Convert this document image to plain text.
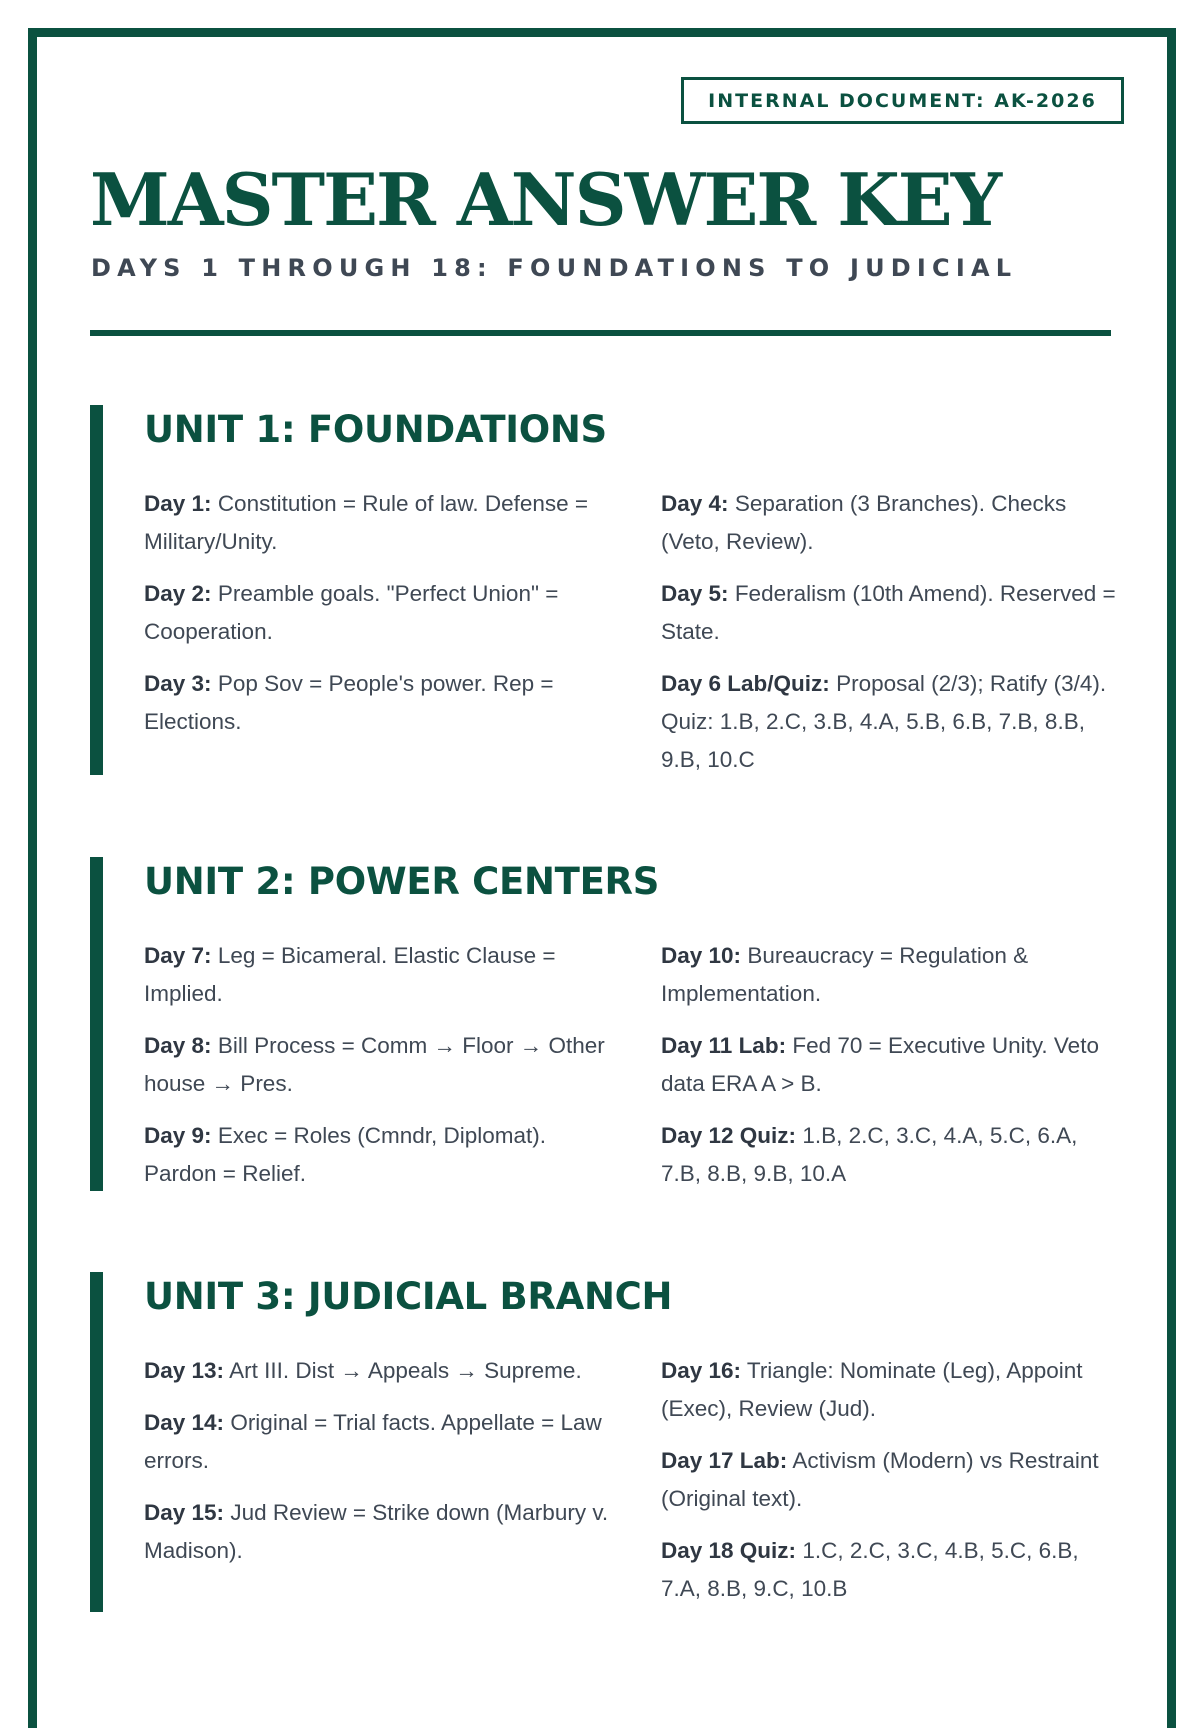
INTERNAL DOCUMENT: AK-2026
MASTER ANSWER KEY
DAYS 1 THROUGH 18: FOUNDATIONS TO JUDICIAL
UNIT 1: FOUNDATIONS

Day 1: Constitution = Rule of law. Defense = Military/Unity.

Day 2: Preamble goals. "Perfect Union" = Cooperation.

Day 3: Pop Sov = People's power. Rep = Elections.

Day 4: Separation (3 Branches). Checks (Veto, Review).

Day 5: Federalism (10th Amend). Reserved = State.

Day 6 Lab/Quiz: Proposal (2/3); Ratify (3/4). Quiz: 1.B, 2.C, 3.B, 4.A, 5.B, 6.B, 7.B, 8.B, 9.B, 10.C

UNIT 2: POWER CENTERS

Day 7: Leg = Bicameral. Elastic Clause = Implied.

Day 8: Bill Process = Comm → Floor → Other house → Pres.

Day 9: Exec = Roles (Cmndr, Diplomat). Pardon = Relief.

Day 10: Bureaucracy = Regulation & Implementation.

Day 11 Lab: Fed 70 = Executive Unity. Veto data ERA A > B.

Day 12 Quiz: 1.B, 2.C, 3.C, 4.A, 5.C, 6.A, 7.B, 8.B, 9.B, 10.A

UNIT 3: JUDICIAL BRANCH

Day 13: Art III. Dist → Appeals → Supreme.

Day 14: Original = Trial facts. Appellate = Law errors.

Day 15: Jud Review = Strike down (Marbury v. Madison).

Day 16: Triangle: Nominate (Leg), Appoint (Exec), Review (Jud).

Day 17 Lab: Activism (Modern) vs Restraint (Original text).

Day 18 Quiz: 1.C, 2.C, 3.C, 4.B, 5.C, 6.B, 7.A, 8.B, 9.C, 10.B
